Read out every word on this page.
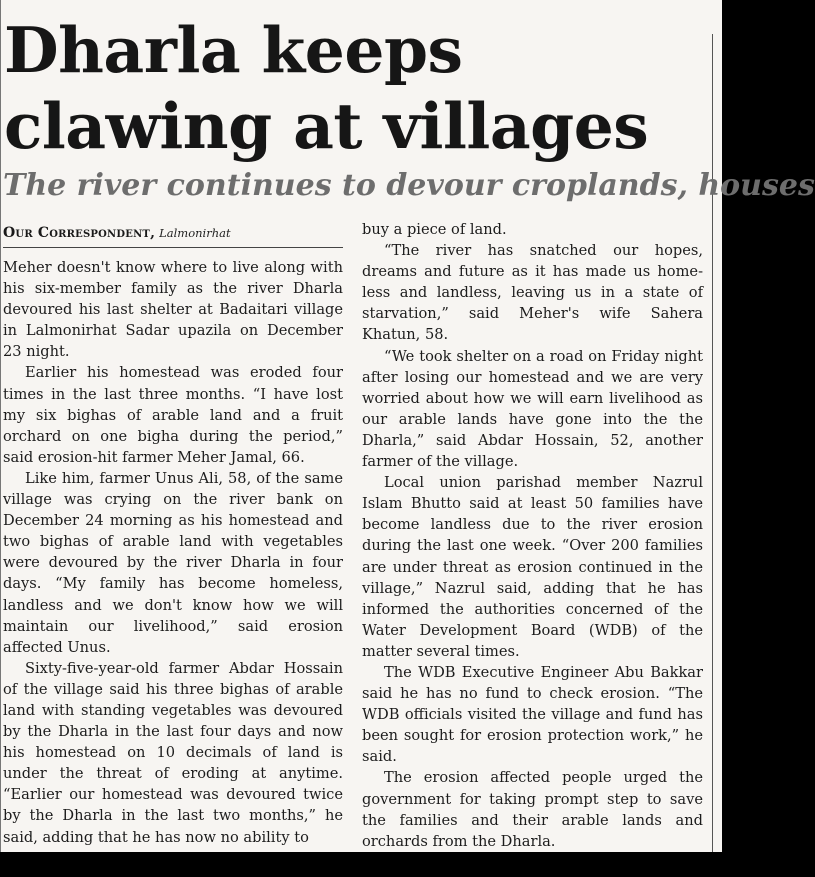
Dharla keeps clawing at villages
The river continues to devour croplands, houses
Our Correspondent, Lalmonirhat

Meher doesn't know where to live along with his six-member family as the river Dharla devoured his last shelter at Badaitari village in Lalmonirhat Sadar upazila on December 23 night.

Earlier his homestead was eroded four times in the last three months. “I have lost my six bighas of arable land and a fruit orchard on one bigha during the period,” said erosion-hit farmer Meher Jamal, 66.

Like him, farmer Unus Ali, 58, of the same village was crying on the river bank on December 24 morning as his homestead and two bighas of arable land with vegetables were devoured by the river Dharla in four days. “My family has become homeless, landless and we don't know how we will maintain our livelihood,” said erosion affected Unus.

Sixty-five-year-old farmer Abdar Hossain of the village said his three bighas of arable land with standing vegetables was devoured by the Dharla in the last four days and now his homestead on 10 decimals of land is under the threat of eroding at anytime. “Earlier our homestead was devoured twice by the Dharla in the last two months,” he said, adding that he has now no ability to

buy a piece of land.

“The river has snatched our hopes, dreams and future as it has made us homeless and landless, leaving us in a state of starvation,” said Meher's wife Sahera Khatun, 58.

“We took shelter on a road on Friday night after losing our homestead and we are very worried about how we will earn livelihood as our arable lands have gone into the the Dharla,” said Abdar Hossain, 52, another farmer of the village.

Local union parishad member Nazrul Islam Bhutto said at least 50 families have become landless due to the river erosion during the last one week. “Over 200 families are under threat as erosion continued in the village,” Nazrul said, adding that he has informed the authorities concerned of the Water Development Board (WDB) of the matter several times.

The WDB Executive Engineer Abu Bakkar said he has no fund to check erosion. “The WDB officials visited the village and fund has been sought for erosion protection work,” he said.

The erosion affected people urged the government for taking prompt step to save the families and their arable lands and orchards from the Dharla.
